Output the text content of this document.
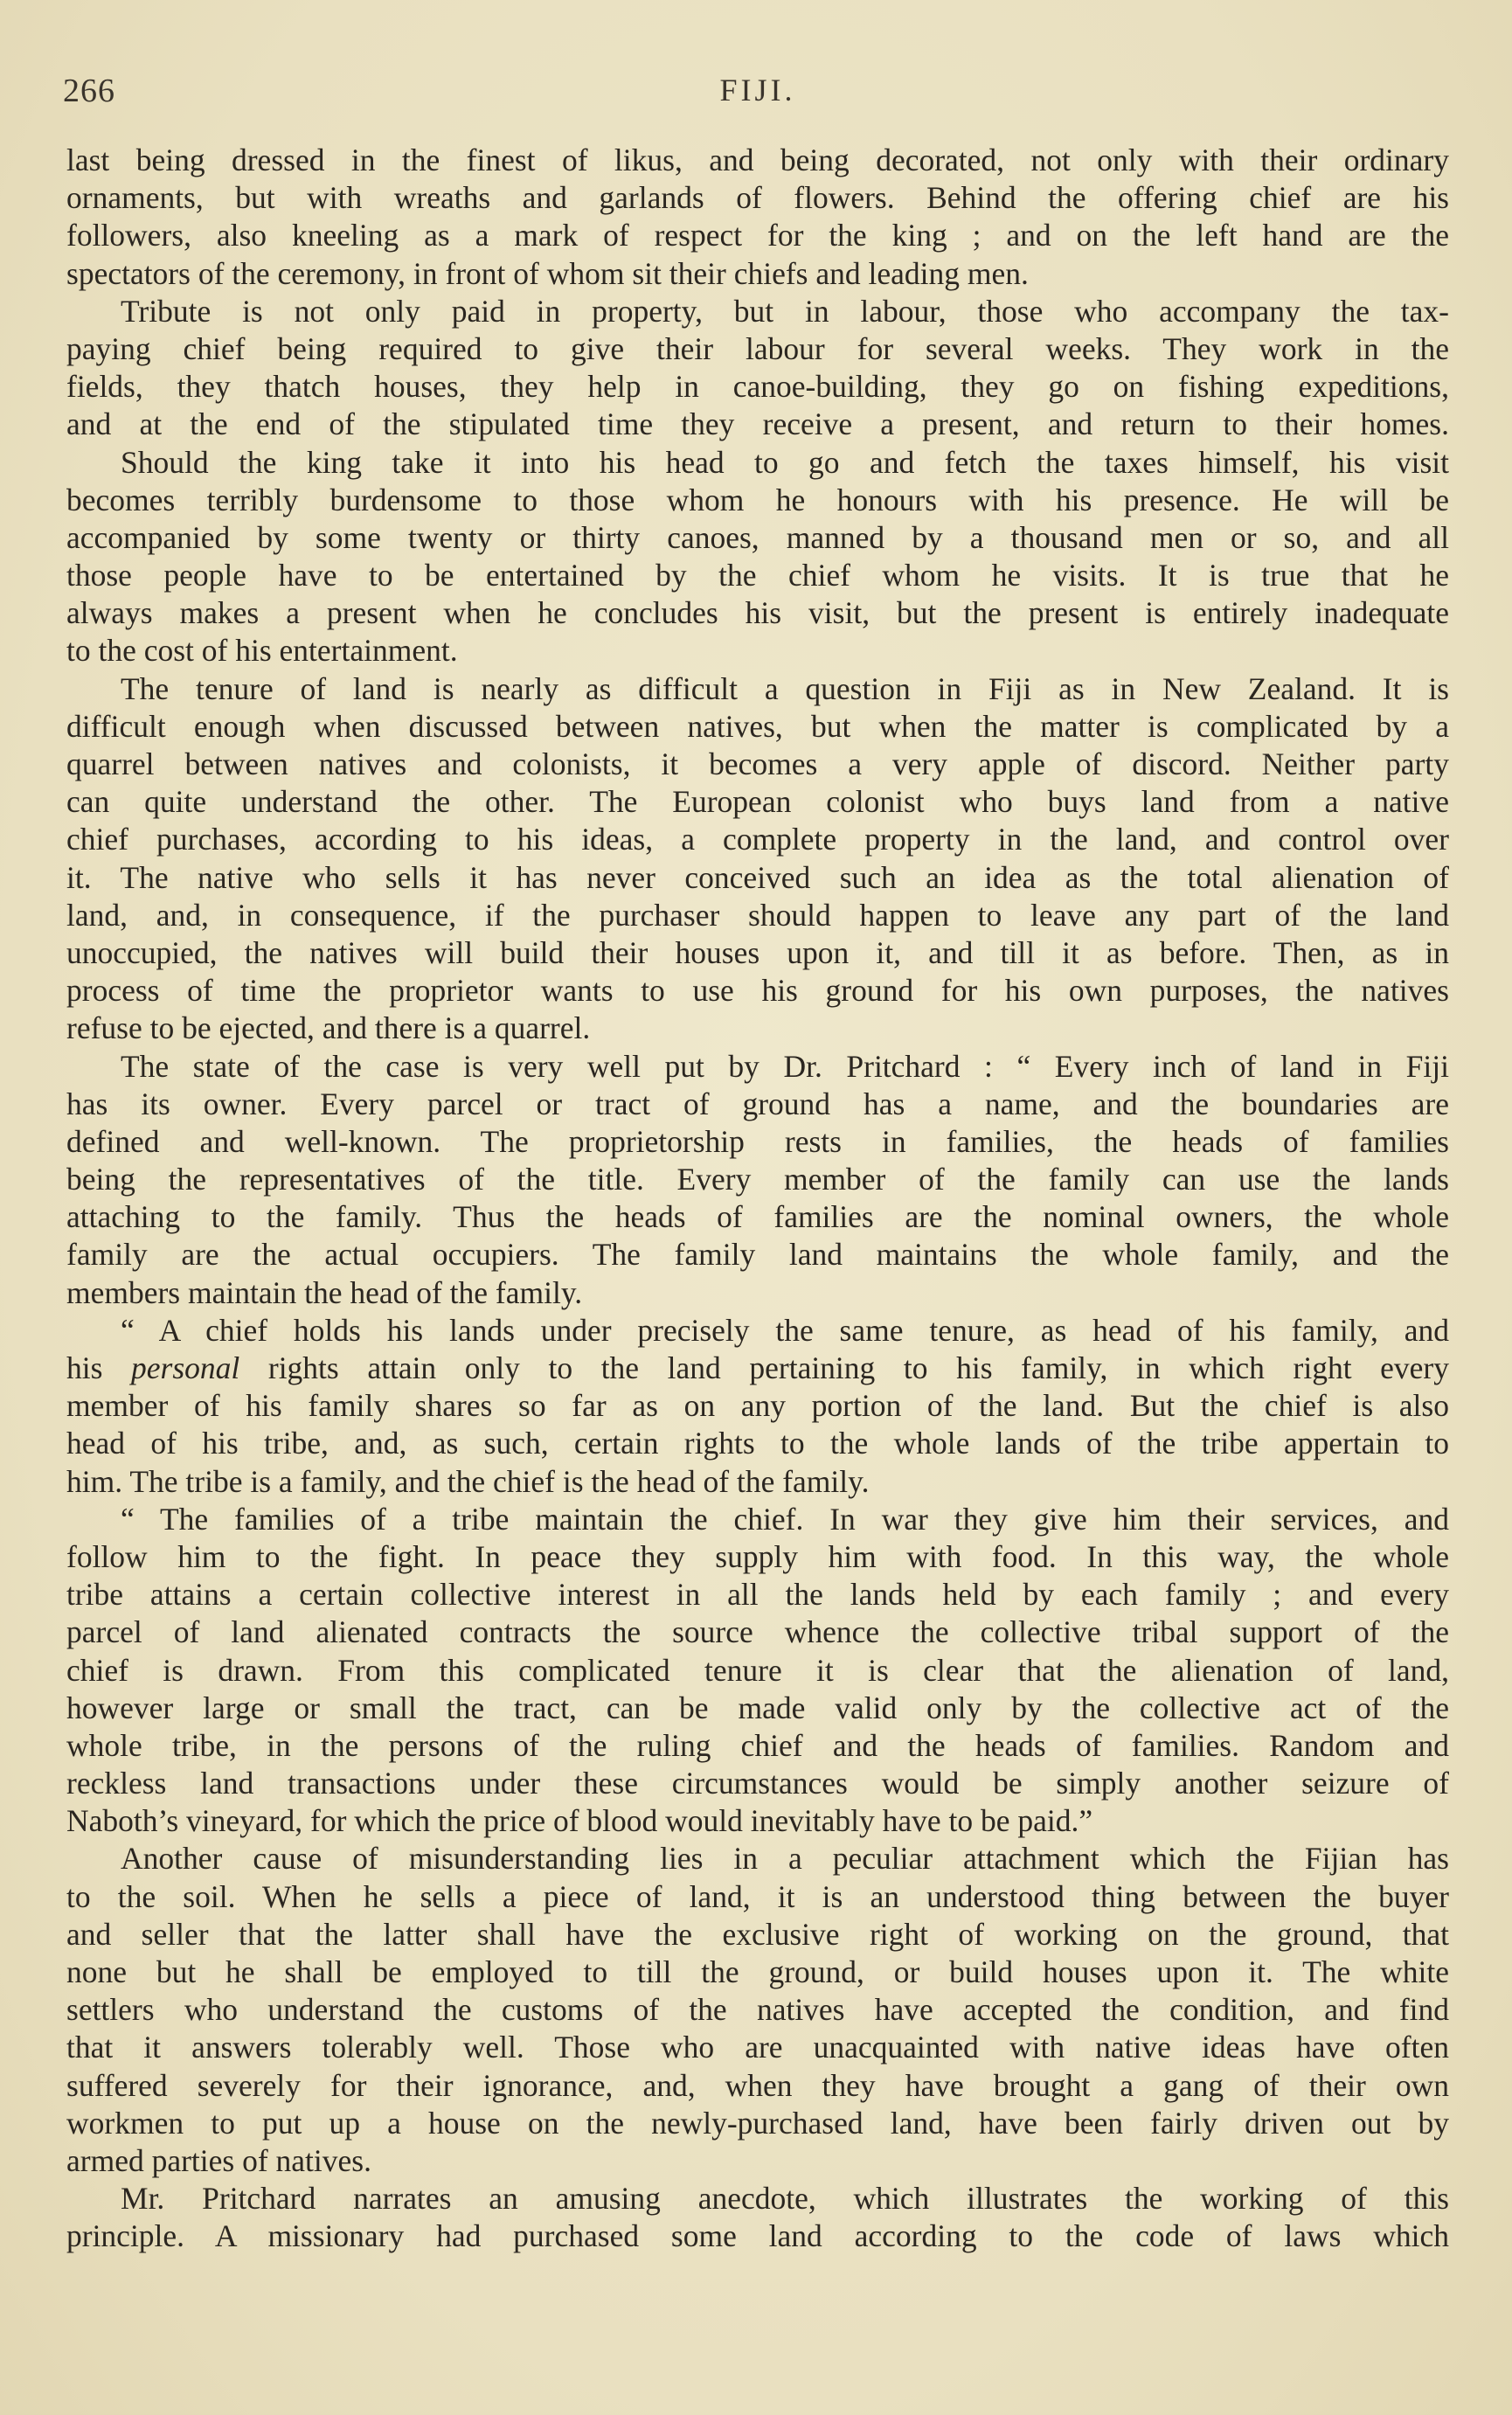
266	FIJI.
last being dressed in the finest of likus, and being decorated, not only with their ordinary
ornaments, but with wreaths and garlands of flowers. Behind the offering chief are his
followers, also kneeling as a mark of respect for the king ; and on the left hand are the
spectators of the ceremony, in front of whom sit their chiefs and leading men.
Tribute is not only paid in property, but in labour, those who accompany the tax-
paying chief being required to give their labour for several weeks. They work in the
fields, they thatch houses, they help in canoe-building, they go on fishing expeditions,
and at the end of the stipulated time they receive a present, and return to their homes.
Should the king take it into his head to go and fetch the taxes himself, his visit
becomes terribly burdensome to those whom he honours with his presence. He will be
accompanied by some twenty or thirty canoes, manned by a thousand men or so, and all
those people have to be entertained by the chief whom he visits. It is true that he
always makes a present when he concludes his visit, but the present is entirely inadequate
to the cost of his entertainment.
The tenure of land is nearly as difficult a question in Fiji as in New Zealand. It is
difficult enough when discussed between natives, but when the matter is complicated by a
quarrel between natives and colonists, it becomes a very apple of discord. Neither party
can quite understand the other. The European colonist who buys land from a native
chief purchases, according to his ideas, a complete property in the land, and control over
it. The native who sells it has never conceived such an idea as the total alienation of
land, and, in consequence, if the purchaser should happen to leave any part of the land
unoccupied, the natives will build their houses upon it, and till it as before. Then, as in
process of time the proprietor wants to use his ground for his own purposes, the natives
refuse to be ejected, and there is a quarrel.
The state of the case is very well put by Dr. Pritchard : “ Every inch of land in Fiji
has its owner. Every parcel or tract of ground has a name, and the boundaries are
defined and well-known. The proprietorship rests in families, the heads of families
being the representatives of the title. Every member of the family can use the lands
attaching to the family. Thus the heads of families are the nominal owners, the whole
family are the actual occupiers. The family land maintains the whole family, and the
members maintain the head of the family.
“ A chief holds his lands under precisely the same tenure, as head of his family, and
his personal rights attain only to the land pertaining to his family, in which right every
member of his family shares so far as on any portion of the land. But the chief is also
head of his tribe, and, as such, certain rights to the whole lands of the tribe appertain to
him. The tribe is a family, and the chief is the head of the family.
“ The families of a tribe maintain the chief. In war they give him their services, and
follow him to the fight. In peace they supply him with food. In this way, the whole
tribe attains a certain collective interest in all the lands held by each family ; and every
parcel of land alienated contracts the source whence the collective tribal support of the
chief is drawn. From this complicated tenure it is clear that the alienation of land,
however large or small the tract, can be made valid only by the collective act of the
whole tribe, in the persons of the ruling chief and the heads of families. Random and
reckless land transactions under these circumstances would be simply another seizure of
Naboth’s vineyard, for which the price of blood would inevitably have to be paid.”
Another cause of misunderstanding lies in a peculiar attachment which the Fijian has
to the soil. When he sells a piece of land, it is an understood thing between the buyer
and seller that the latter shall have the exclusive right of working on the ground, that
none but he shall be employed to till the ground, or build houses upon it. The white
settlers who understand the customs of the natives have accepted the condition, and find
that it answers tolerably well. Those who are unacquainted with native ideas have often
suffered severely for their ignorance, and, when they have brought a gang of their own
workmen to put up a house on the newly-purchased land, have been fairly driven out by
armed parties of natives.
Mr. Pritchard narrates an amusing anecdote, which illustrates the working of this
principle. A missionary had purchased some land according to the code of laws which
